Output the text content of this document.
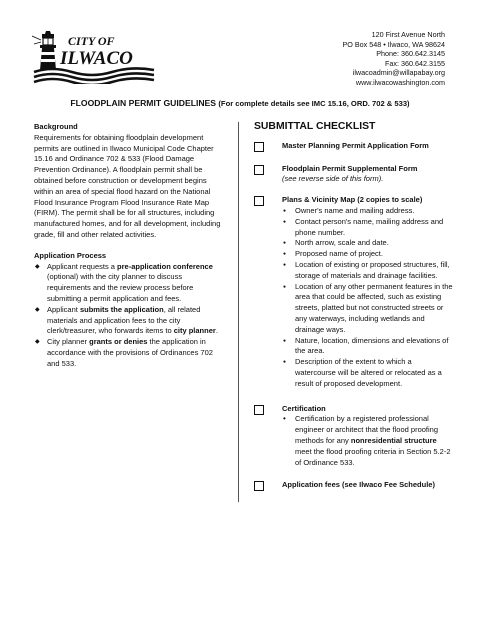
CITY OF
ILWACO
120 First Avenue North
PO Box 548 • Ilwaco, WA 98624
Phone: 360.642.3145
Fax: 360.642.3155
ilwacoadmin@willapabay.org
www.ilwacowashington.com
FLOODPLAIN PERMIT GUIDELINES (For complete details see IMC 15.16, ORD. 702 & 533)
Background

Requirements for obtaining floodplain development permits are outlined in Ilwaco Municipal Code Chapter 15.16 and Ordinance 702 & 533 (Flood Damage Prevention Ordinance). A floodplain permit shall be obtained before construction or development begins within an area of special flood hazard on the National Flood Insurance Program Flood Insurance Rate Map (FIRM). The permit shall be for all structures, including manufactured homes, and for all development, including grade, fill and other related activities.

Application Process
◆ Applicant requests a pre-application conference (optional) with the city planner to discuss requirements and the review process before submitting a permit application and fees.
◆ Applicant submits the application, all related materials and application fees to the city clerk/treasurer, who forwards items to city planner.
◆ City planner grants or denies the application in accordance with the provisions of Ordinances 702 and 533.
SUBMITTAL CHECKLIST
Master Planning Permit Application Form
Floodplain Permit Supplemental Form
(see reverse side of this form).
Plans & Vicinity Map (2 copies to scale)
● Owner's name and mailing address.
● Contact person's name, mailing address and phone number.
● North arrow, scale and date.
● Proposed name of project.
● Location of existing or proposed structures, fill, storage of materials and drainage facilities.
● Location of any other permanent features in the area that could be affected, such as existing streets, platted but not constructed streets or any waterways, including wetlands and drainage ways.
● Nature, location, dimensions and elevations of the area.
● Description of the extent to which a watercourse will be altered or relocated as a result of proposed development.
Certification
• Certification by a registered professional engineer or architect that the flood proofing methods for any nonresidential structure meet the flood proofing criteria in Section 5.2-2 of Ordinance 533.
Application fees (see Ilwaco Fee Schedule)
